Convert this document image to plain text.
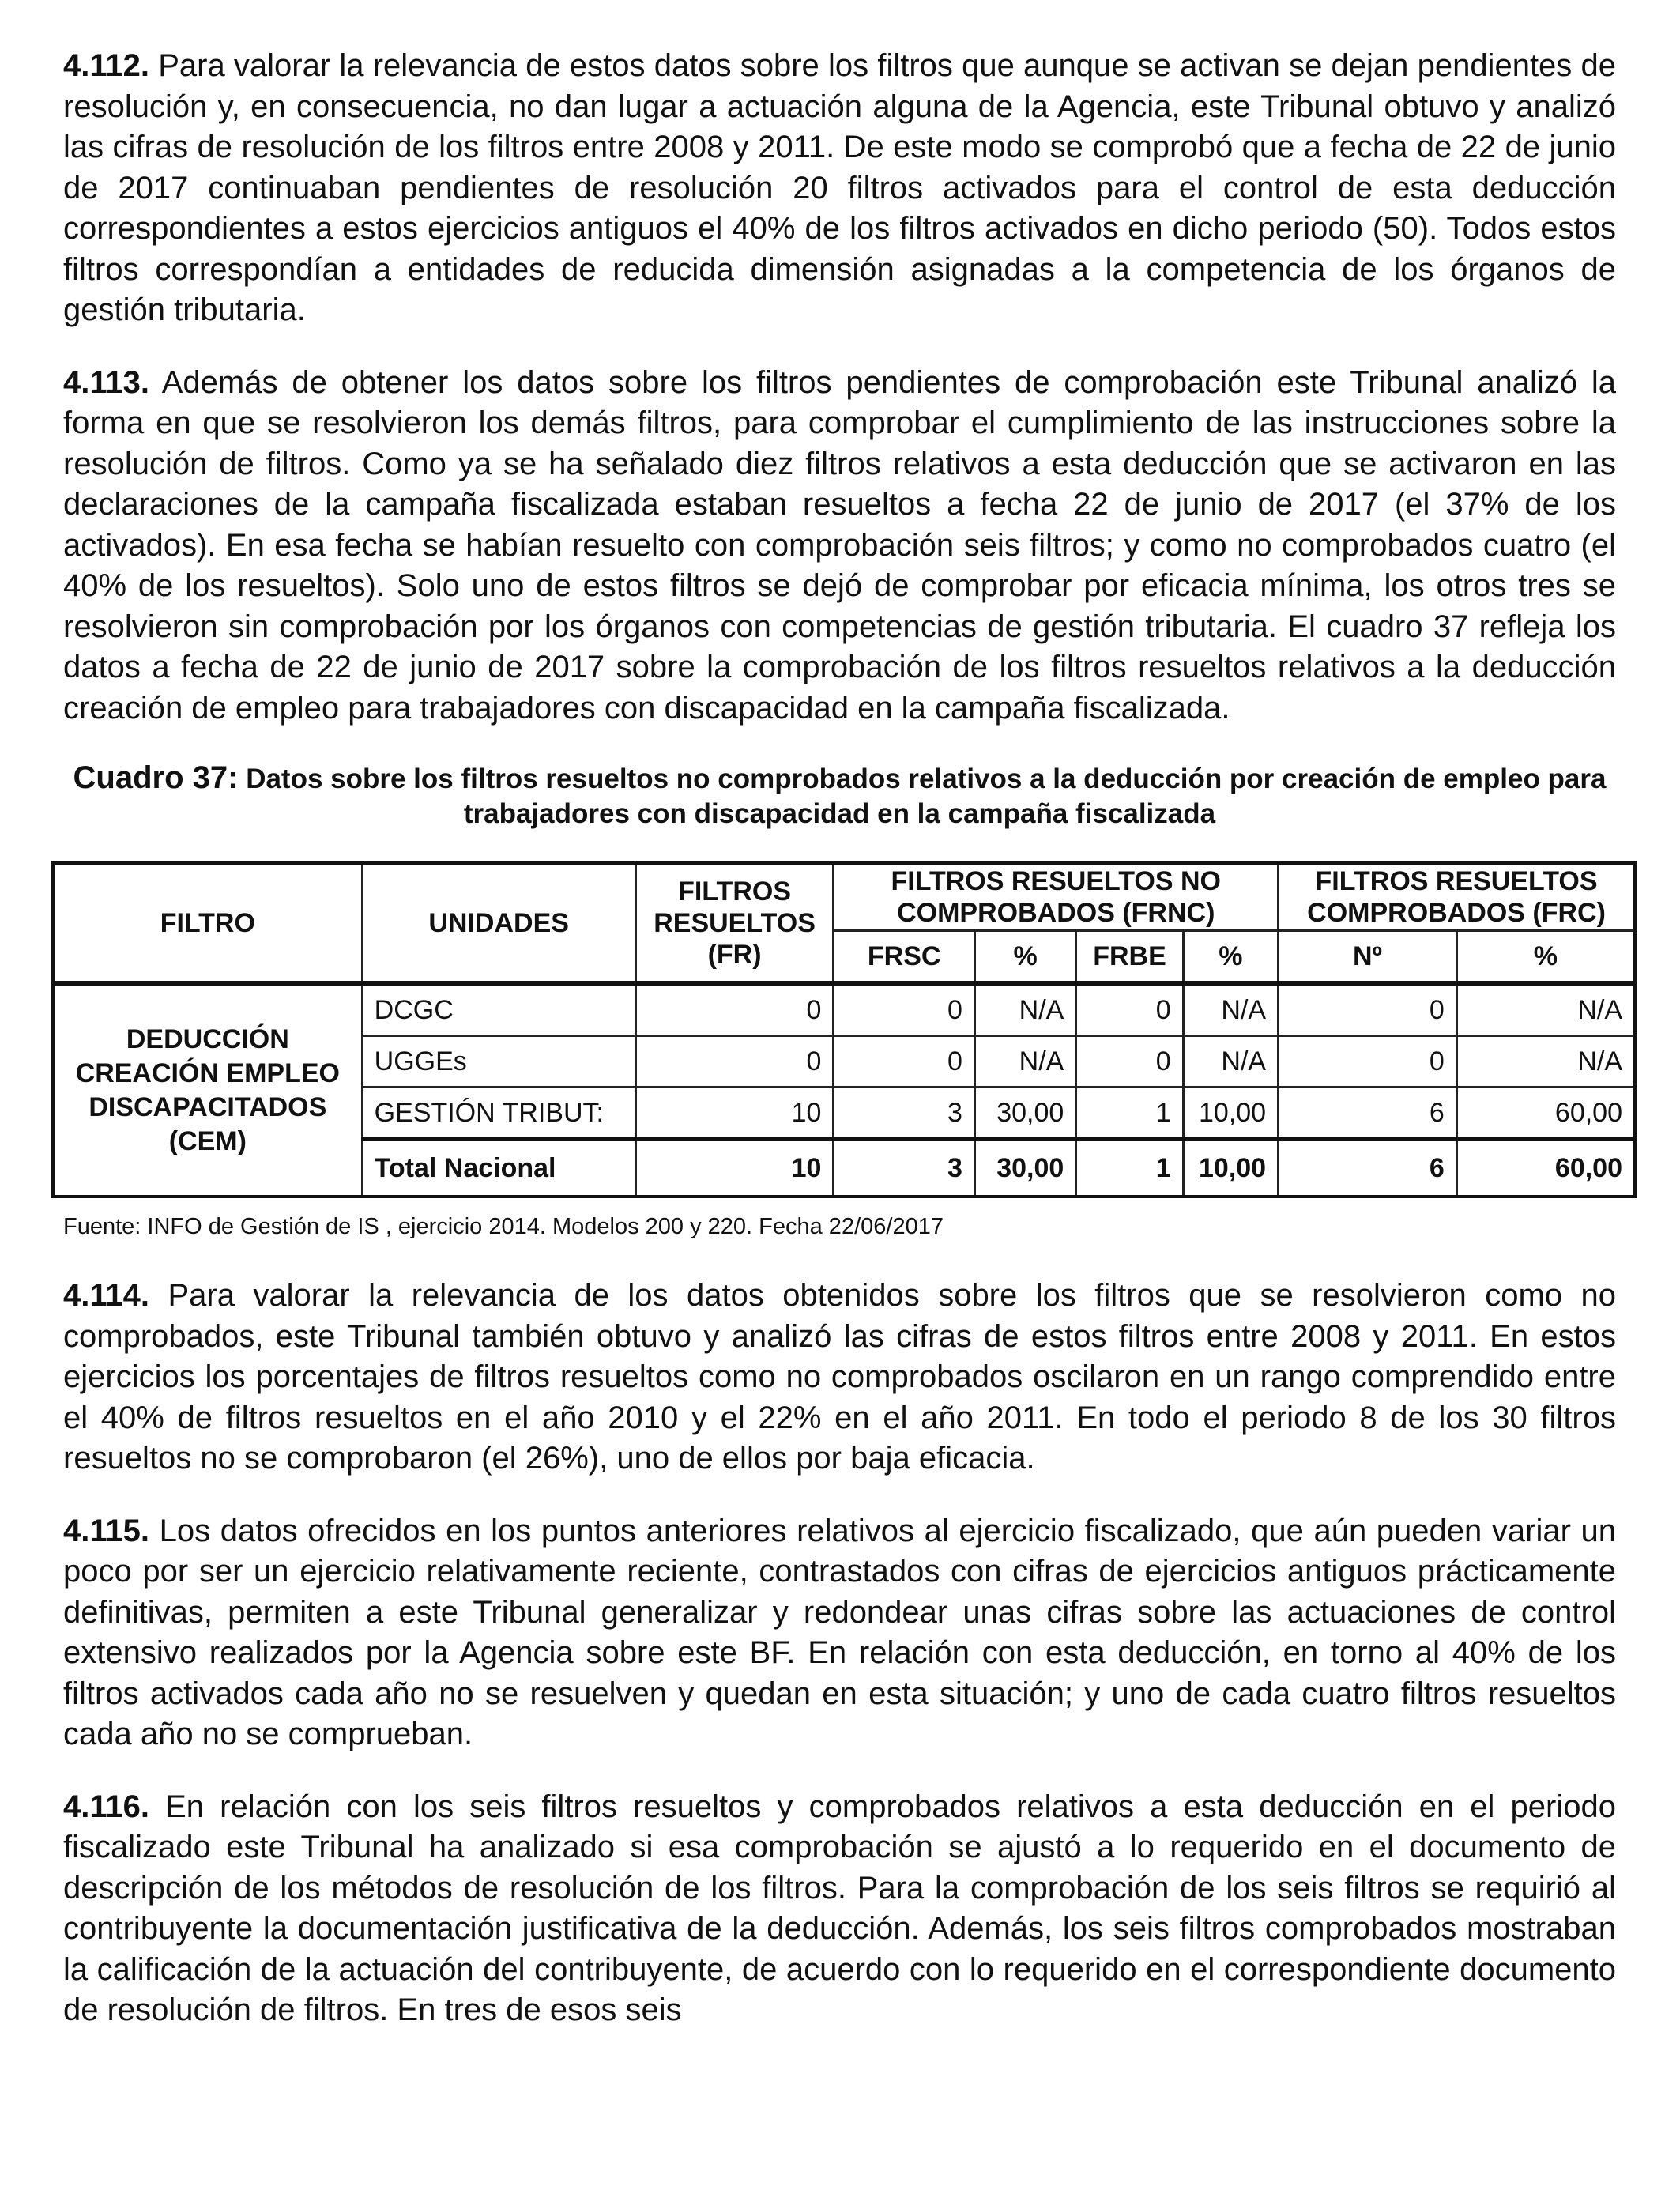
4.112. Para valorar la relevancia de estos datos sobre los filtros que aunque se activan se dejan pendientes de resolución y, en consecuencia, no dan lugar a actuación alguna de la Agencia, este Tribunal obtuvo y analizó las cifras de resolución de los filtros entre 2008 y 2011. De este modo se comprobó que a fecha de 22 de junio de 2017 continuaban pendientes de resolución 20 filtros activados para el control de esta deducción correspondientes a estos ejercicios antiguos el 40% de los filtros activados en dicho periodo (50). Todos estos filtros correspondían a entidades de reducida dimensión asignadas a la competencia de los órganos de gestión tributaria.

4.113. Además de obtener los datos sobre los filtros pendientes de comprobación este Tribunal analizó la forma en que se resolvieron los demás filtros, para comprobar el cumplimiento de las instrucciones sobre la resolución de filtros. Como ya se ha señalado diez filtros relativos a esta deducción que se activaron en las declaraciones de la campaña fiscalizada estaban resueltos a fecha 22 de junio de 2017 (el 37% de los activados). En esa fecha se habían resuelto con comprobación seis filtros; y como no comprobados cuatro (el 40% de los resueltos). Solo uno de estos filtros se dejó de comprobar por eficacia mínima, los otros tres se resolvieron sin comprobación por los órganos con competencias de gestión tributaria. El cuadro 37 refleja los datos a fecha de 22 de junio de 2017 sobre la comprobación de los filtros resueltos relativos a la deducción creación de empleo para trabajadores con discapacidad en la campaña fiscalizada.

Cuadro 37: Datos sobre los filtros resueltos no comprobados relativos a la deducción por creación de empleo para trabajadores con discapacidad en la campaña fiscalizada
FILTRO	UNIDADES	FILTROS RESUELTOS (FR)	FILTROS RESUELTOS NO COMPROBADOS (FRNC)				FILTROS RESUELTOS COMPROBADOS (FRC)	
			FRSC	%	FRBE	%	Nº	%
DEDUCCIÓN CREACIÓN EMPLEO DISCAPACITADOS (CEM)	DCGC	0	0	N/A	0	N/A	0	N/A
	UGGEs	0	0	N/A	0	N/A	0	N/A
	GESTIÓN TRIBUT:	10	3	30,00	1	10,00	6	60,00
	Total Nacional	10	3	30,00	1	10,00	6	60,00
Fuente: INFO de Gestión de IS , ejercicio 2014. Modelos 200 y 220. Fecha 22/06/2017

4.114. Para valorar la relevancia de los datos obtenidos sobre los filtros que se resolvieron como no comprobados, este Tribunal también obtuvo y analizó las cifras de estos filtros entre 2008 y 2011. En estos ejercicios los porcentajes de filtros resueltos como no comprobados oscilaron en un rango comprendido entre el 40% de filtros resueltos en el año 2010 y el 22% en el año 2011. En todo el periodo 8 de los 30 filtros resueltos no se comprobaron (el 26%), uno de ellos por baja eficacia.

4.115. Los datos ofrecidos en los puntos anteriores relativos al ejercicio fiscalizado, que aún pueden variar un poco por ser un ejercicio relativamente reciente, contrastados con cifras de ejercicios antiguos prácticamente definitivas, permiten a este Tribunal generalizar y redondear unas cifras sobre las actuaciones de control extensivo realizados por la Agencia sobre este BF. En relación con esta deducción, en torno al 40% de los filtros activados cada año no se resuelven y quedan en esta situación; y uno de cada cuatro filtros resueltos cada año no se comprueban.

4.116. En relación con los seis filtros resueltos y comprobados relativos a esta deducción en el periodo fiscalizado este Tribunal ha analizado si esa comprobación se ajustó a lo requerido en el documento de descripción de los métodos de resolución de los filtros. Para la comprobación de los seis filtros se requirió al contribuyente la documentación justificativa de la deducción. Además, los seis filtros comprobados mostraban la calificación de la actuación del contribuyente, de acuerdo con lo requerido en el correspondiente documento de resolución de filtros. En tres de esos seis
